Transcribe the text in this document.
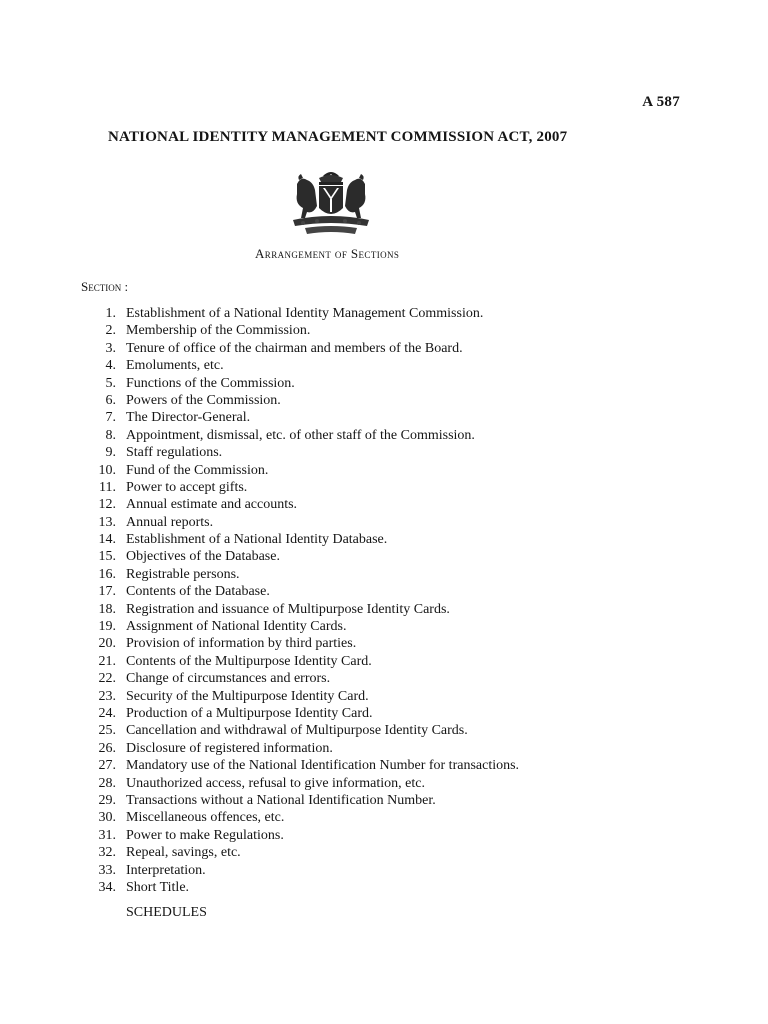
A 587
NATIONAL IDENTITY MANAGEMENT COMMISSION ACT, 2007
Arrangement of Sections
Section :
1. Establishment of a National Identity Management Commission.
2. Membership of the Commission.
3. Tenure of office of the chairman and members of the Board.
4. Emoluments, etc.
5. Functions of the Commission.
6. Powers of the Commission.
7. The Director-General.
8. Appointment, dismissal, etc. of other staff of the Commission.
9. Staff regulations.
10. Fund of the Commission.
11. Power to accept gifts.
12. Annual estimate and accounts.
13. Annual reports.
14. Establishment of a National Identity Database.
15. Objectives of the Database.
16. Registrable persons.
17. Contents of the Database.
18. Registration and issuance of Multipurpose Identity Cards.
19. Assignment of National Identity Cards.
20. Provision of information by third parties.
21. Contents of the Multipurpose Identity Card.
22. Change of circumstances and errors.
23. Security of the Multipurpose Identity Card.
24. Production of a Multipurpose Identity Card.
25. Cancellation and withdrawal of Multipurpose Identity Cards.
26. Disclosure of registered information.
27. Mandatory use of the National Identification Number for transactions.
28. Unauthorized access, refusal to give information, etc.
29. Transactions without a National Identification Number.
30. Miscellaneous offences, etc.
31. Power to make Regulations.
32. Repeal, savings, etc.
33. Interpretation.
34. Short Title.
SCHEDULES
